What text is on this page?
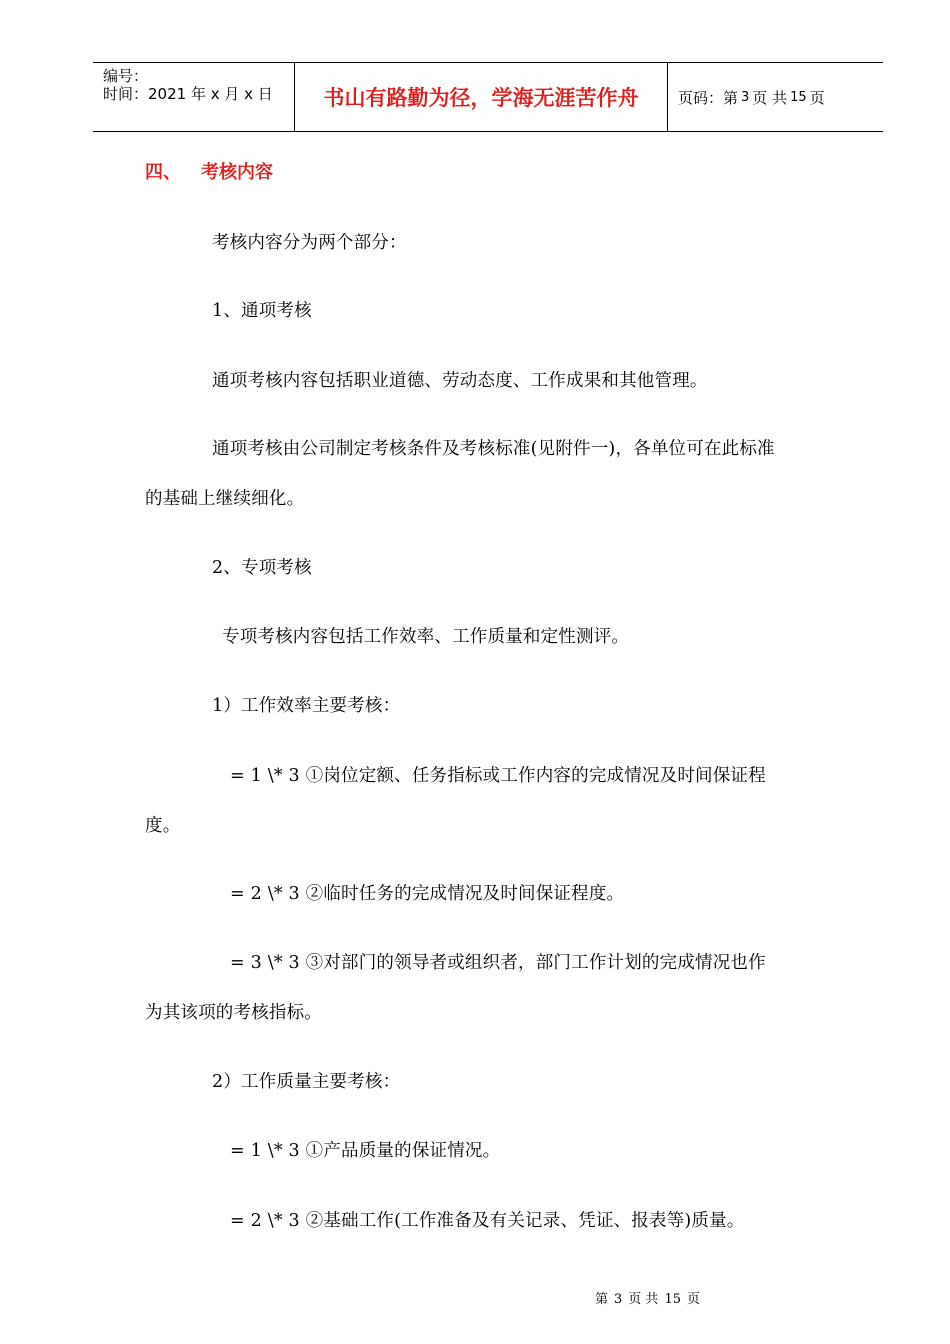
编号：
时间：2021 年 x 月 x 日	书山有路勤为径，学海无涯苦作舟	页码：第 3 页 共 15 页
四、 考核内容
考核内容分为两个部分：
1、通项考核
通项考核内容包括职业道德、劳动态度、工作成果和其他管理。
通项考核由公司制定考核条件及考核标准(见附件一)，各单位可在此标准
的基础上继续细化。
2、专项考核
专项考核内容包括工作效率、工作质量和定性测评。
1）工作效率主要考核：
= 1 \* 3 ①岗位定额、任务指标或工作内容的完成情况及时间保证程
度。
= 2 \* 3 ②临时任务的完成情况及时间保证程度。
= 3 \* 3 ③对部门的领导者或组织者，部门工作计划的完成情况也作
为其该项的考核指标。
2）工作质量主要考核：
= 1 \* 3 ①产品质量的保证情况。
= 2 \* 3 ②基础工作(工作准备及有关记录、凭证、报表等)质量。
第 3 页 共 15 页
